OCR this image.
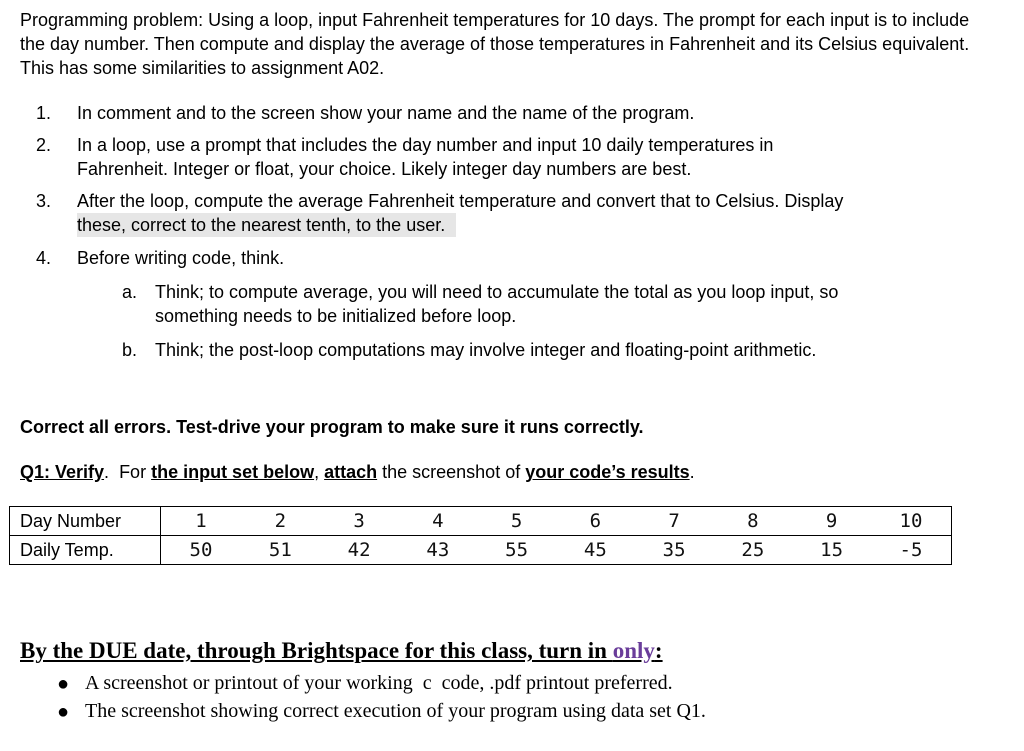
Programming problem: Using a loop, input Fahrenheit temperatures for 10 days. The prompt for each input is to include the day number. Then compute and display the average of those temperatures in Fahrenheit and its Celsius equivalent. This has some similarities to assignment A02.
1. In comment and to the screen show your name and the name of the program.
2. In a loop, use a prompt that includes the day number and input 10 daily temperatures in
Fahrenheit. Integer or float, your choice. Likely integer day numbers are best.
3. After the loop, compute the average Fahrenheit temperature and convert that to Celsius. Display
these, correct to the nearest tenth, to the user.
4. Before writing code, think.
a. Think; to compute average, you will need to accumulate the total as you loop input, so
something needs to be initialized before loop.
b. Think; the post-loop computations may involve integer and floating-point arithmetic.
Correct all errors. Test-drive your program to make sure it runs correctly.
Q1: Verify.  For the input set below, attach the screenshot of your code’s results.
Day Number	1	2	3	4	5	6	7	8	9	10
Daily Temp.	50	51	42	43	55	45	35	25	15	-5
By the DUE date, through Brightspace for this class, turn in only:
● A screenshot or printout of your working  c  code, .pdf printout preferred.
● The screenshot showing correct execution of your program using data set Q1.
